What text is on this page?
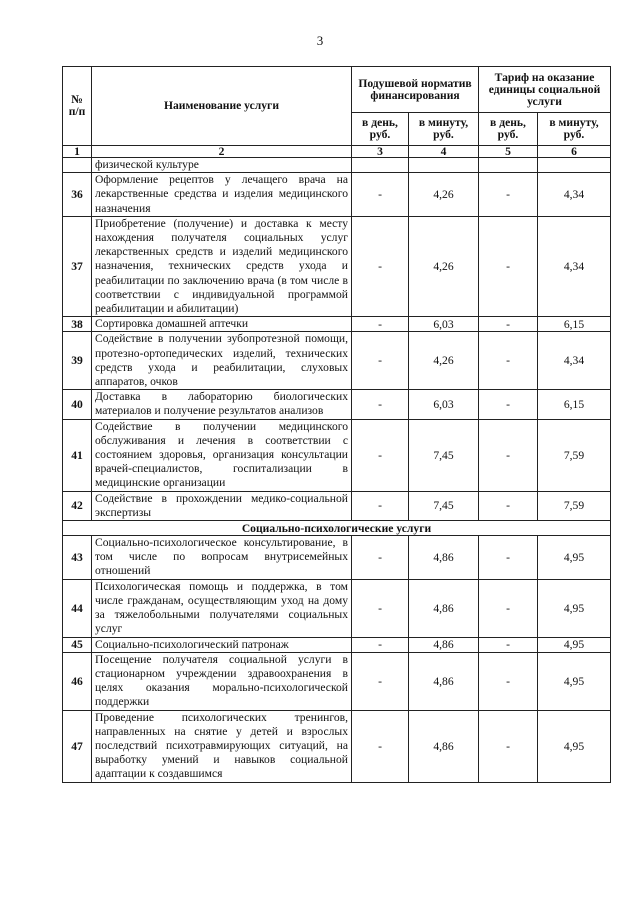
3
№
п/п	Наименование услуги	Подушевой норматив финансирования		Тариф на оказание единицы социальной услуги	
		в день, руб.	в минуту, руб.	в день, руб.	в минуту, руб.
1	2	3	4	5	6
	физической культуре				
36	Оформление рецептов у лечащего врача на лекарственные средства и изделия медицинского назначения	-	4,26	-	4,34
37	Приобретение (получение) и доставка к месту нахождения получателя социальных услуг лекарственных средств и изделий медицинского назначения, технических средств ухода и реабилитации по заключению врача (в том числе в соответствии с индивидуальной программой реабилитации и абилитации)	-	4,26	-	4,34
38	Сортировка домашней аптечки	-	6,03	-	6,15
39	Содействие в получении зубопротезной помощи, протезно-ортопедических изделий, технических средств ухода и реабилитации, слуховых аппаратов, очков	-	4,26	-	4,34
40	Доставка в лабораторию биологических материалов и получение результатов анализов	-	6,03	-	6,15
41	Содействие в получении медицинского обслуживания и лечения в соответствии с состоянием здоровья, организация консультации врачей-специалистов, госпитализации в медицинские организации	-	7,45	-	7,59
42	Содействие в прохождении медико-социальной экспертизы	-	7,45	-	7,59
Социально-психологические услуги					
43	Социально-психологическое консультирование, в том числе по вопросам внутрисемейных отношений	-	4,86	-	4,95
44	Психологическая помощь и поддержка, в том числе гражданам, осуществляющим уход на дому за тяжелобольными получателями социальных услуг	-	4,86	-	4,95
45	Социально-психологический патронаж	-	4,86	-	4,95
46	Посещение получателя социальной услуги в стационарном учреждении здравоохранения в целях оказания морально-психологической поддержки	-	4,86	-	4,95
47	Проведение психологических тренингов, направленных на снятие у детей и взрослых последствий психотравмирующих ситуаций, на выработку умений и навыков социальной адаптации к создавшимся	-	4,86	-	4,95
